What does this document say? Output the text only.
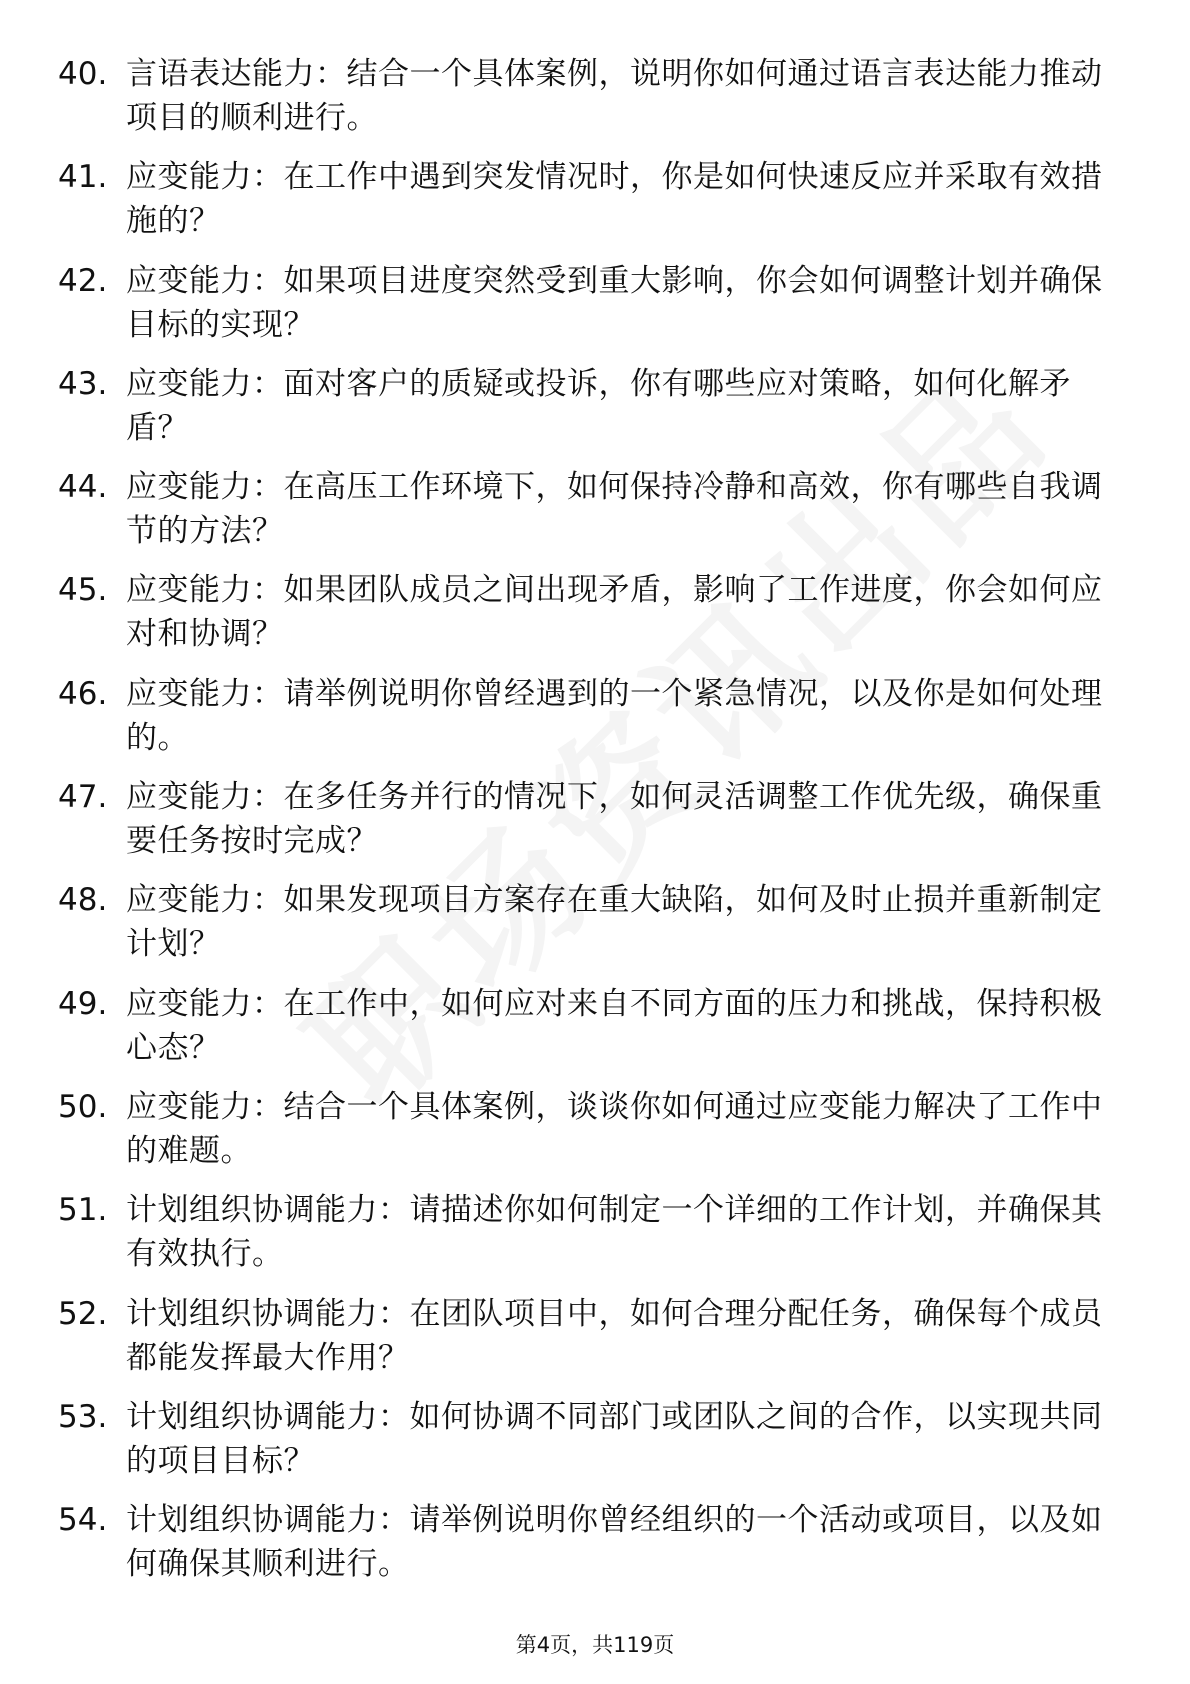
40. 言语表达能力：结合一个具体案例，说明你如何通过语言表达能力推动项目的顺利进行。
41. 应变能力：在工作中遇到突发情况时，你是如何快速反应并采取有效措施的？
42. 应变能力：如果项目进度突然受到重大影响，你会如何调整计划并确保目标的实现？
43. 应变能力：面对客户的质疑或投诉，你有哪些应对策略，如何化解矛盾？
44. 应变能力：在高压工作环境下，如何保持冷静和高效，你有哪些自我调节的方法？
45. 应变能力：如果团队成员之间出现矛盾，影响了工作进度，你会如何应对和协调？
46. 应变能力：请举例说明你曾经遇到的一个紧急情况，以及你是如何处理的。
47. 应变能力：在多任务并行的情况下，如何灵活调整工作优先级，确保重要任务按时完成？
48. 应变能力：如果发现项目方案存在重大缺陷，如何及时止损并重新制定计划？
49. 应变能力：在工作中，如何应对来自不同方面的压力和挑战，保持积极心态？
50. 应变能力：结合一个具体案例，谈谈你如何通过应变能力解决了工作中的难题。
51. 计划组织协调能力：请描述你如何制定一个详细的工作计划，并确保其有效执行。
52. 计划组织协调能力：在团队项目中，如何合理分配任务，确保每个成员都能发挥最大作用？
53. 计划组织协调能力：如何协调不同部门或团队之间的合作，以实现共同的项目目标？
54. 计划组织协调能力：请举例说明你曾经组织的一个活动或项目，以及如何确保其顺利进行。
第4页，共119页
